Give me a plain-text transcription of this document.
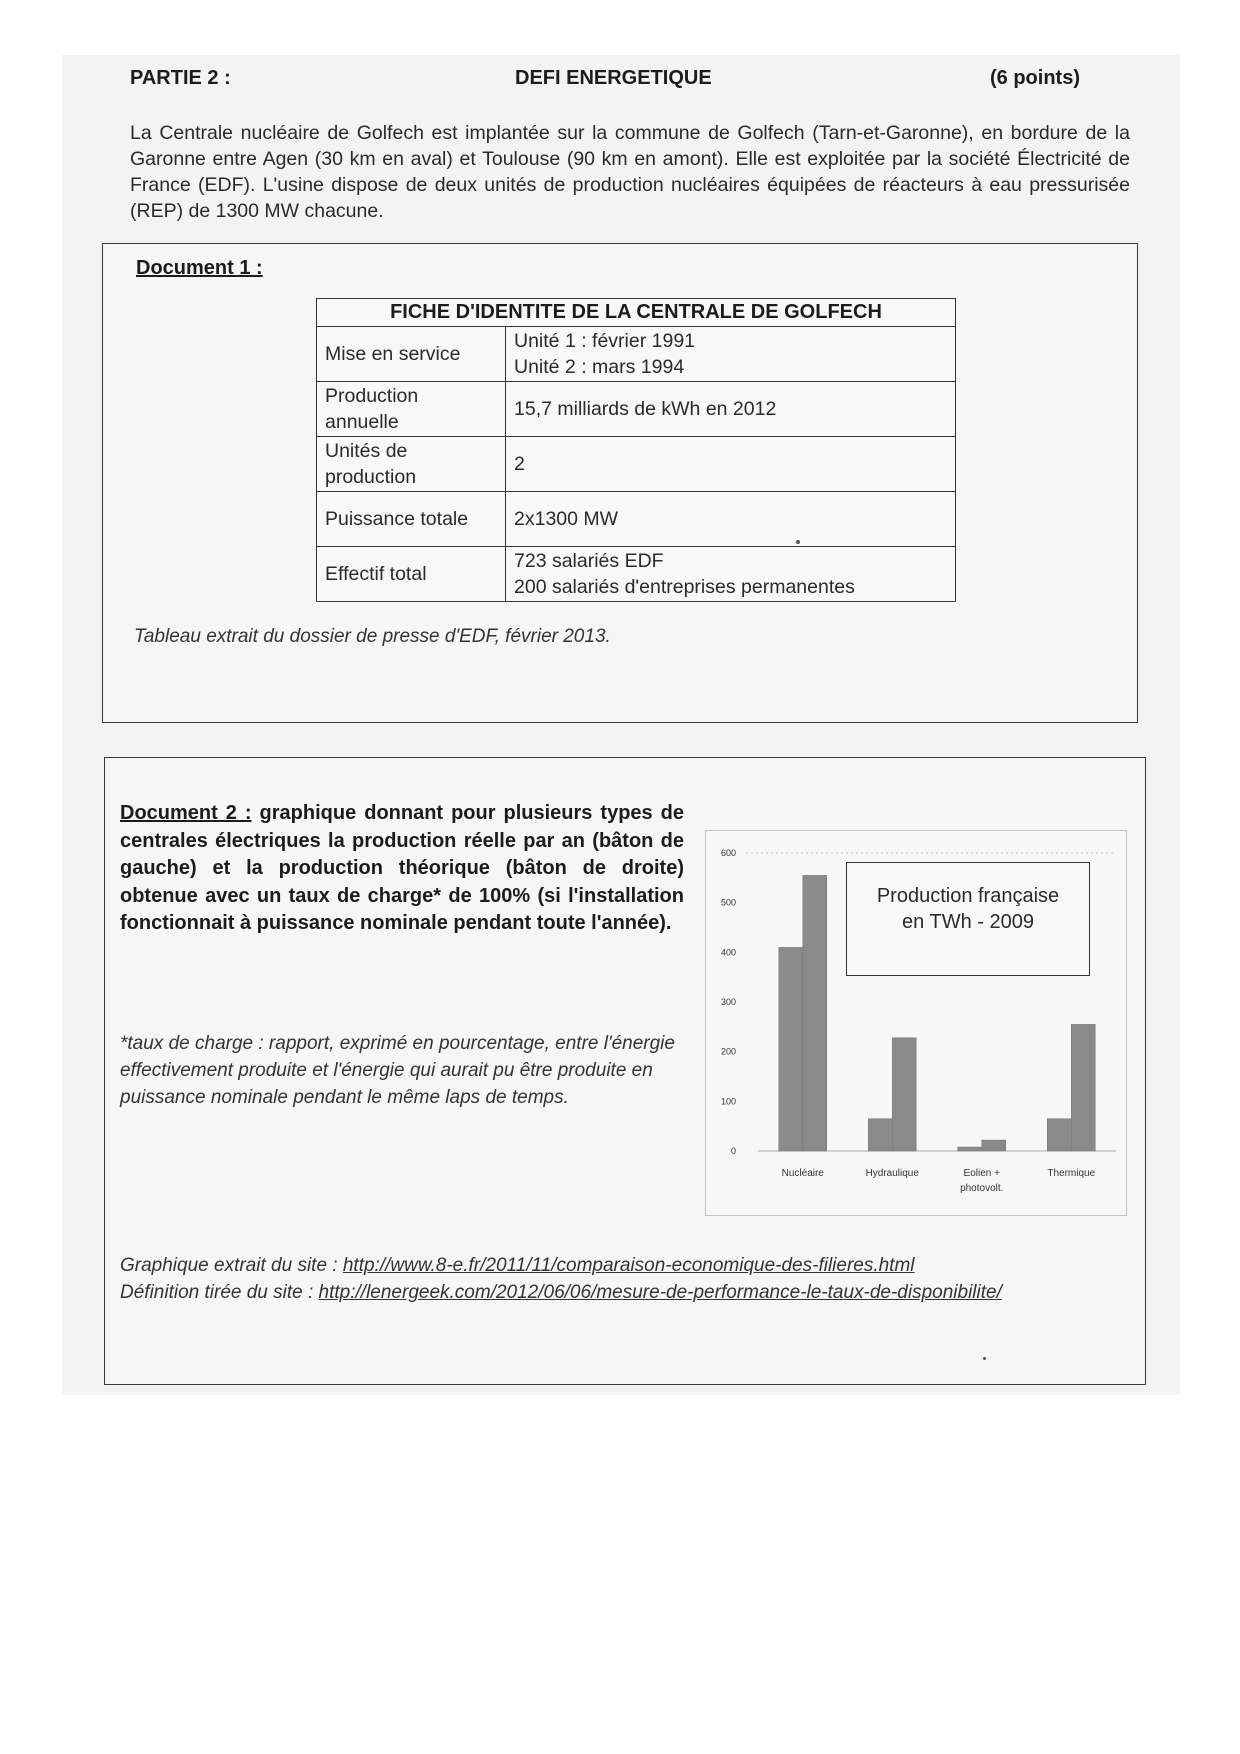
PARTIE 2 :	DEFI ENERGETIQUE	(6 points)
La Centrale nucléaire de Golfech est implantée sur la commune de Golfech (Tarn-et-Garonne), en bordure de la Garonne entre Agen (30 km en aval) et Toulouse (90 km en amont). Elle est exploitée par la société Électricité de France (EDF). L'usine dispose de deux unités de production nucléaires équipées de réacteurs à eau pressurisée (REP) de 1300 MW chacune.
Document 1 :
FICHE D'IDENTITE DE LA CENTRALE DE GOLFECH	
Mise en service	Unité 1 : février 1991
Unité 2 : mars 1994

Production annuelle	15,7 milliards de kWh en 2012
Unités de production	2
Puissance totale	2x1300 MW
Effectif total	723 salariés EDF
200 salariés d'entreprises permanentes
Tableau extrait du dossier de presse d'EDF, février 2013.
Document 2 : graphique donnant pour plusieurs types de centrales électriques la production réelle par an (bâton de gauche) et la production théorique (bâton de droite) obtenue avec un taux de charge* de 100% (si l'installation fonctionnait à puissance nominale pendant toute l'année).
*taux de charge : rapport, exprimé en pourcentage, entre l'énergie effectivement produite et l'énergie qui aurait pu être produite en puissance nominale pendant le même laps de temps.
0
100
200
300
400
500
600
Nucléaire	Hydraulique	Eolien +
photovolt.
Thermique
Production française
en TWh - 2009
Graphique extrait du site : http://www.8-e.fr/2011/11/comparaison-economique-des-filieres.html
Définition tirée du site : http://lenergeek.com/2012/06/06/mesure-de-performance-le-taux-de-disponibilite/
